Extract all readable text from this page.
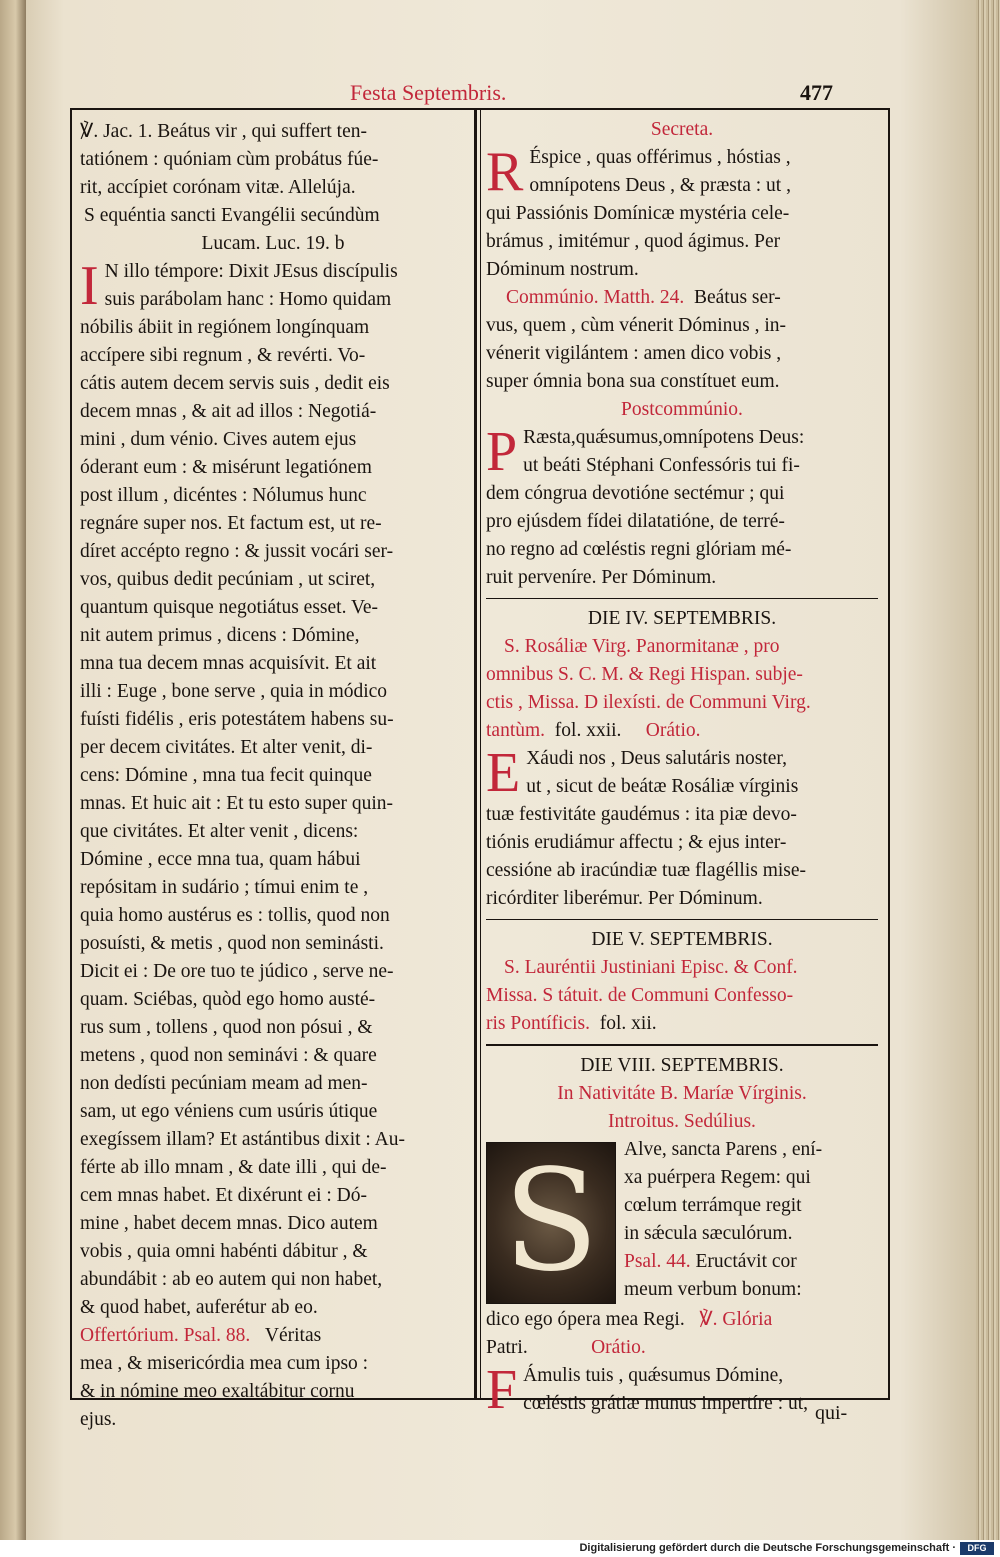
Festa Septembris.	477
℣. Jac. 1. Beátus vir , qui suffert ten-
tatiónem : quóniam cùm probátus fúe-
rit, accípiet corónam vitæ. Allelúja.
S equéntia sancti Evangélii secúndùm
Lucam. Luc. 19. b
I N illo témpore: Dixit JEsus discípulis
suis parábolam hanc : Homo quidam
nóbilis ábiit in regiónem longínquam
accípere sibi regnum , & revérti. Vo-
cátis autem decem servis suis , dedit eis
decem mnas , & ait ad illos : Negotiá-
mini , dum vénio. Cives autem ejus
óderant eum : & misérunt legatiónem
post illum , dicéntes : Nólumus hunc
regnáre super nos. Et factum est, ut re-
díret accépto regno : & jussit vocári ser-
vos, quibus dedit pecúniam , ut sciret,
quantum quisque negotiátus esset. Ve-
nit autem primus , dicens : Dómine,
mna tua decem mnas acquisívit. Et ait
illi : Euge , bone serve , quia in módico
fuísti fidélis , eris potestátem habens su-
per decem civitátes. Et alter venit, di-
cens: Dómine , mna tua fecit quinque
mnas. Et huic ait : Et tu esto super quin-
que civitátes. Et alter venit , dicens:
Dómine , ecce mna tua, quam hábui
repósitam in sudário ; tímui enim te ,
quia homo austérus es : tollis, quod non
posuísti, & metis , quod non seminásti.
Dicit ei : De ore tuo te júdico , serve ne-
quam. Sciébas, quòd ego homo austé-
rus sum , tollens , quod non pósui , &
metens , quod non seminávi : & quare
non dedísti pecúniam meam ad men-
sam, ut ego véniens cum usúris útique
exegíssem illam? Et astántibus dixit : Au-
férte ab illo mnam , & date illi , qui de-
cem mnas habet. Et dixérunt ei : Dó-
mine , habet decem mnas. Dico autem
vobis , quia omni habénti dábitur , &
abundábit : ab eo autem qui non habet,
& quod habet, auferétur ab eo.
Offertórium. Psal. 88. Véritas
mea , & misericórdia mea cum ipso :
& in nómine meo exaltábitur cornu
ejus.
Secreta.
R Éspice , quas offérimus , hóstias ,
omnípotens Deus , & præsta : ut ,
qui Passiónis Domínicæ mystéria cele-
brámus , imitémur , quod ágimus. Per
Dóminum nostrum.
Commúnio. Matth. 24. Beátus ser-
vus, quem , cùm vénerit Dóminus , in-
vénerit vigilántem : amen dico vobis ,
super ómnia bona sua constítuet eum.
Postcommúnio.
P Ræsta,quǽsumus,omnípotens Deus:
ut beáti Stéphani Confessóris tui fi-
dem cóngrua devotióne sectémur ; qui
pro ejúsdem fídei dilatatióne, de terré-
no regno ad cœléstis regni glóriam mé-
ruit perveníre. Per Dóminum.
DIE IV. SEPTEMBRIS.
S. Rosáliæ Virg. Panormitanæ , pro
omnibus S. C. M. & Regi Hispan. subje-
ctis , Missa. D ilexísti. de Communi Virg.
tantùm. fol. xxii. Orátio.
E Xáudi nos , Deus salutáris noster,
ut , sicut de beátæ Rosáliæ vírginis
tuæ festivitáte gaudémus : ita piæ devo-
tiónis erudiámur affectu ; & ejus inter-
cessióne ab iracúndiæ tuæ flagéllis mise-
ricórditer liberémur. Per Dóminum.
DIE V. SEPTEMBRIS.
S. Lauréntii Justiniani Episc. & Conf.
Missa. S tátuit. de Communi Confesso-
ris Pontíficis. fol. xii.
DIE VIII. SEPTEMBRIS.
In Nativitáte B. Maríæ Vírginis.
Introitus. Sedúlius.
S	Alve, sancta Parens , ení-
xa puérpera Regem: qui
cœlum terrámque regit
in sǽcula sæculórum.
Psal. 44. Eructávit cor
meum verbum bonum:
dico ego ópera mea Regi. ℣. Glória
Patri.	Orátio.
F Ámulis tuis , quǽsumus Dómine,
cœléstis grátiæ munus impertíre : ut, qui-
Digitalisierung gefördert durch die Deutsche Forschungsgemeinschaft ·	DFG
